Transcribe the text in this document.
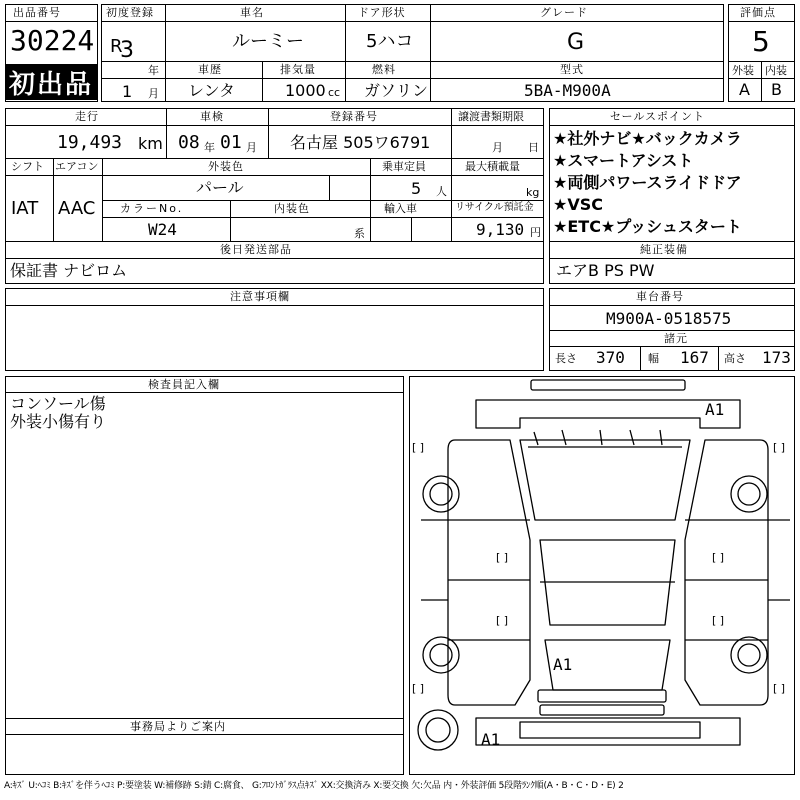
出品番号
30224
初出品
初度登録
R
3
年
1 月
車名
ルーミー
ドア形状
5ハコ
グレード
G
評価点
5
外装 内装
A B
車歴
レンタ
排気量
1000 cc
燃料
ガソリン
型式
5BA-M900A
走行
19,493 km
車検
08 年 01 月
登録番号
名古屋 505ワ6791
譲渡書類期限
月 日
シフト
IAT
エアコン
AAC
外装色
パール
乗車定員
5 人
最大積載量
kg
カラーNo.
W24
内装色
系
輸入車	リサイクル預託金
9,130 円
後日発送部品
保証書 ナビロム
セールスポイント
★社外ナビ★バックカメラ
★スマートアシスト
★両側パワースライドドア
★VSC
★ETC★プッシュスタート
純正装備
エアB PS PW
注意事項欄	車台番号
M900A-0518575
諸元
長さ 370 幅 167 高さ 173
検査員記入欄
コンソール傷
外装小傷有り
事務局よりご案内
A1
A1
A1
[ ]	[ ]
[ ]	[ ]
[ ]	[ ]
[ ]	[ ]
A:ｷｽﾞ U:ﾍｺﾐ B:ｷｽﾞを伴うﾍｺﾐ P:要塗装 W:補修跡 S:錆 C:腐食、 G:ﾌﾛﾝﾄｶﾞﾗｽ点ｷｽﾞ XX:交換済み X:要交換 欠:欠品 内・外装評価 5段階ﾗﾝｸ順(A・B・C・D・E) 2
